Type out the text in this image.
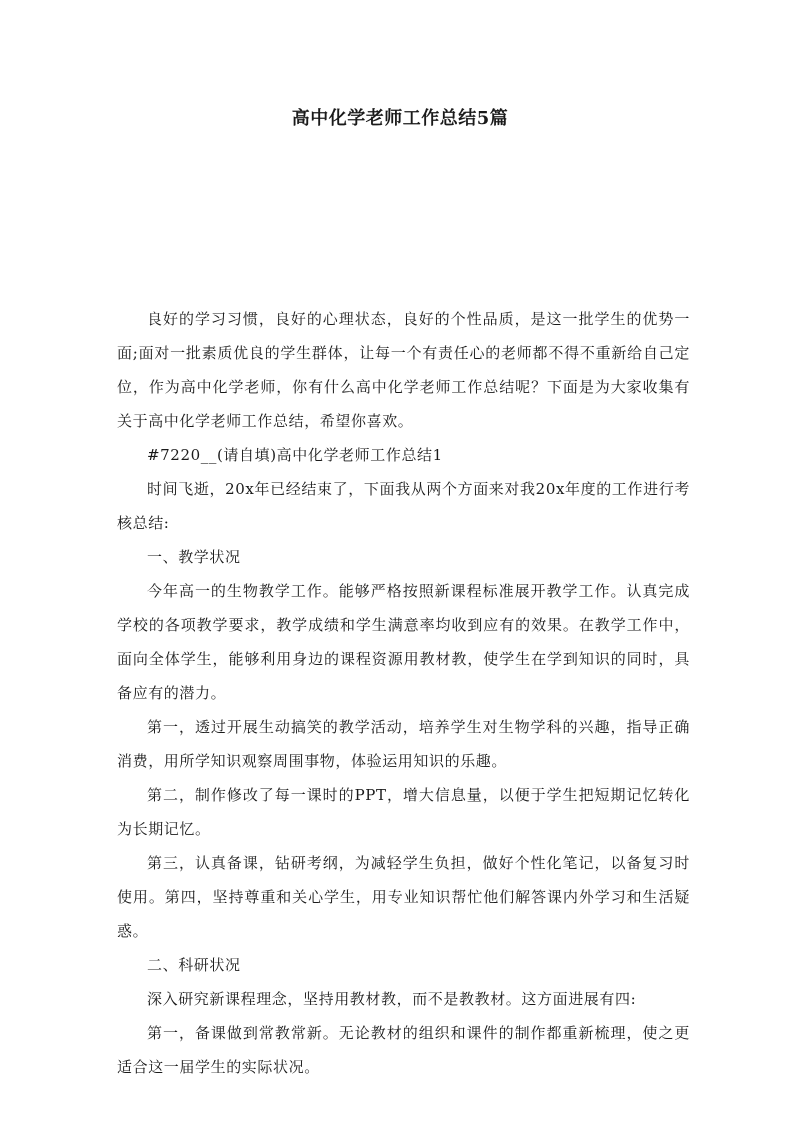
高中化学老师工作总结5篇

良好的学习习惯，良好的心理状态，良好的个性品质，是这一批学生的优势一面;面对一批素质优良的学生群体，让每一个有责任心的老师都不得不重新给自己定位，作为高中化学老师，你有什么高中化学老师工作总结呢？下面是为大家收集有关于高中化学老师工作总结，希望你喜欢。

#7220__(请自填)高中化学老师工作总结1

时间飞逝，20x年已经结束了，下面我从两个方面来对我20x年度的工作进行考核总结:

一、教学状况

今年高一的生物教学工作。能够严格按照新课程标准展开教学工作。认真完成学校的各项教学要求，教学成绩和学生满意率均收到应有的效果。在教学工作中，面向全体学生，能够利用身边的课程资源用教材教，使学生在学到知识的同时，具备应有的潜力。

第一，透过开展生动搞笑的教学活动，培养学生对生物学科的兴趣，指导正确消费，用所学知识观察周围事物，体验运用知识的乐趣。

第二，制作修改了每一课时的PPT，增大信息量，以便于学生把短期记忆转化为长期记忆。

第三，认真备课，钻研考纲，为减轻学生负担，做好个性化笔记，以备复习时使用。第四，坚持尊重和关心学生，用专业知识帮忙他们解答课内外学习和生活疑惑。

二、科研状况

深入研究新课程理念，坚持用教材教，而不是教教材。这方面进展有四:

第一，备课做到常教常新。无论教材的组织和课件的制作都重新梳理，使之更适合这一届学生的实际状况。
